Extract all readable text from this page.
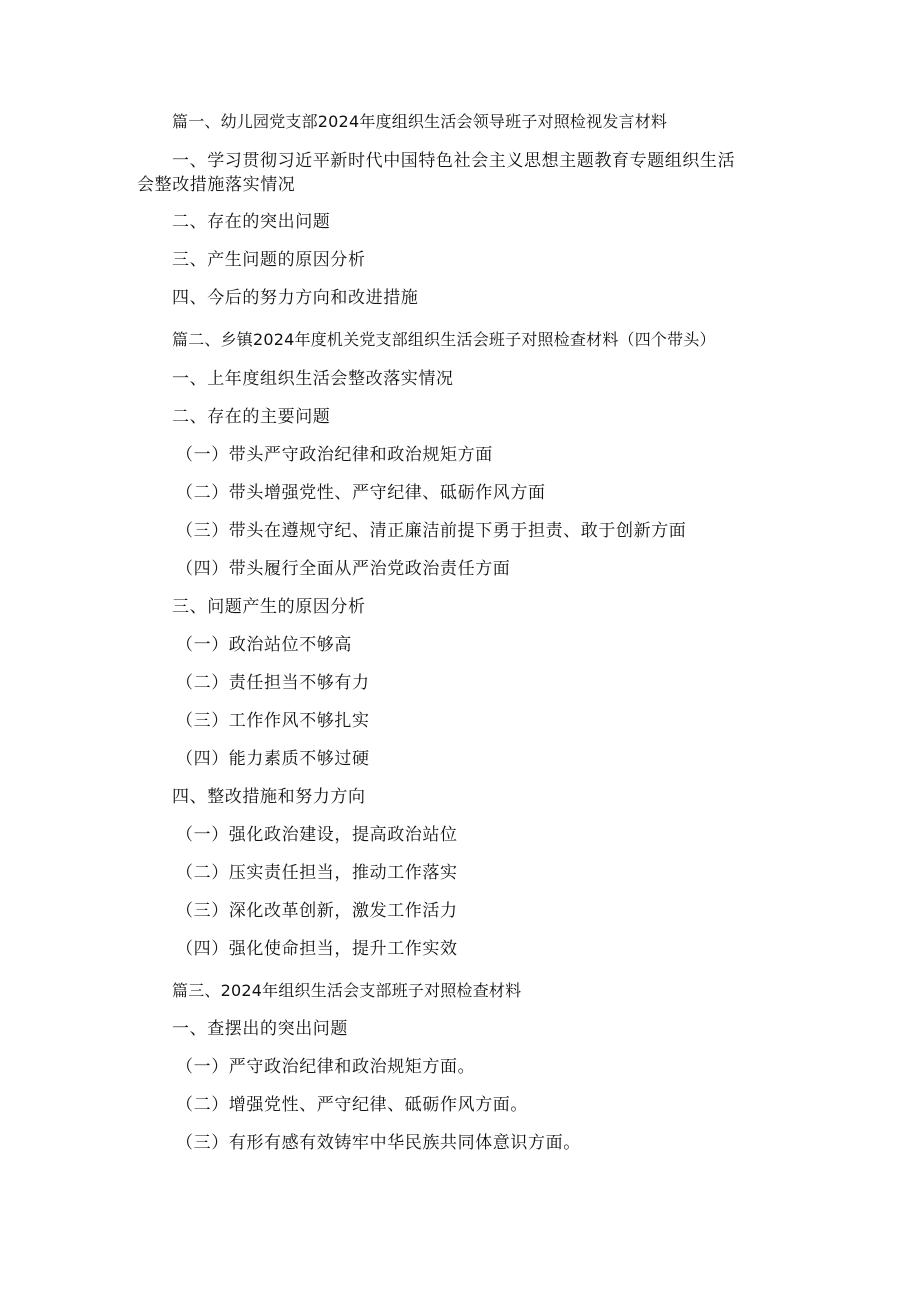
篇一、幼儿园党支部2024年度组织生活会领导班子对照检视发言材料
一、学习贯彻习近平新时代中国特色社会主义思想主题教育专题组织生活
会整改措施落实情况
二、存在的突出问题
三、产生问题的原因分析
四、今后的努力方向和改进措施
篇二、乡镇2024年度机关党支部组织生活会班子对照检查材料（四个带头）
一、上年度组织生活会整改落实情况
二、存在的主要问题
（一）带头严守政治纪律和政治规矩方面
（二）带头增强党性、严守纪律、砥砺作风方面
（三）带头在遵规守纪、清正廉洁前提下勇于担责、敢于创新方面
（四）带头履行全面从严治党政治责任方面
三、问题产生的原因分析
（一）政治站位不够高
（二）责任担当不够有力
（三）工作作风不够扎实
（四）能力素质不够过硬
四、整改措施和努力方向
（一）强化政治建设，提高政治站位
（二）压实责任担当，推动工作落实
（三）深化改革创新，激发工作活力
（四）强化使命担当，提升工作实效
篇三、2024年组织生活会支部班子对照检查材料
一、查摆出的突出问题
（一）严守政治纪律和政治规矩方面。
（二）增强党性、严守纪律、砥砺作风方面。
（三）有形有感有效铸牢中华民族共同体意识方面。
